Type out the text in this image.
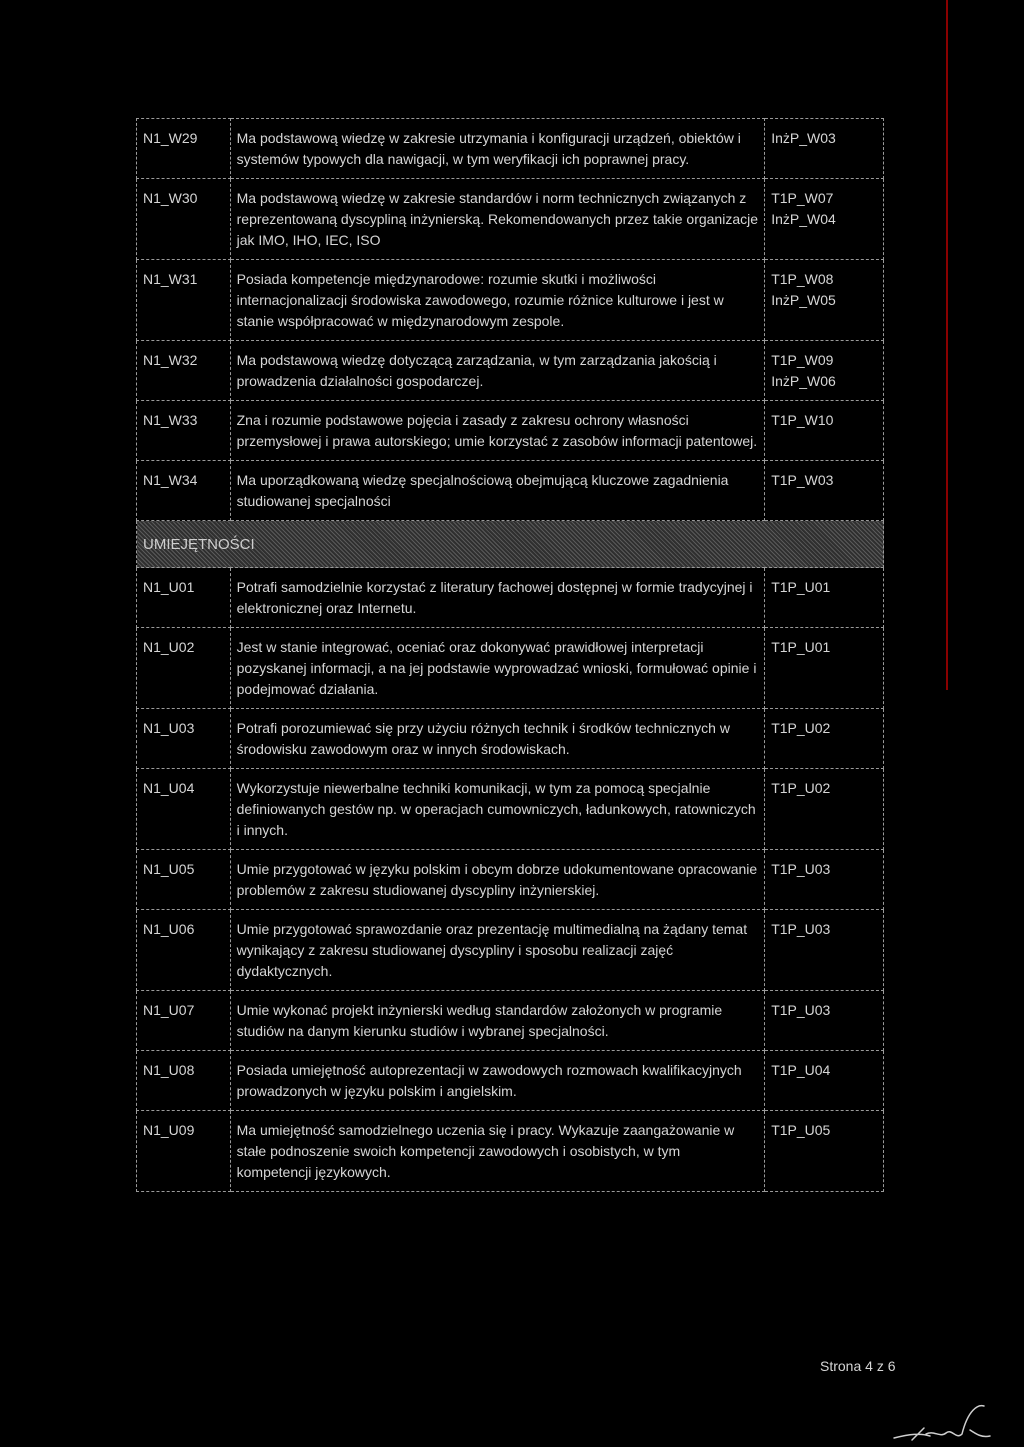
N1_W29	Ma podstawową wiedzę w zakresie utrzymania i konfiguracji urządzeń, obiektów i systemów typowych dla nawigacji, w tym weryfikacji ich poprawnej pracy.	InżP_W03

N1_W30	Ma podstawową wiedzę w zakresie standardów i norm technicznych związanych z reprezentowaną dyscypliną inżynierską. Rekomendowanych przez takie organizacje jak IMO, IHO, IEC, ISO	T1P_W07
InżP_W04

N1_W31	Posiada kompetencje międzynarodowe: rozumie skutki i możliwości internacjonalizacji środowiska zawodowego, rozumie różnice kulturowe i jest w stanie współpracować w międzynarodowym zespole.	T1P_W08
InżP_W05

N1_W32	Ma podstawową wiedzę dotyczącą zarządzania, w tym zarządzania jakością i prowadzenia działalności gospodarczej.	T1P_W09
InżP_W06

N1_W33	Zna i rozumie podstawowe pojęcia i zasady z zakresu ochrony własności przemysłowej i prawa autorskiego; umie korzystać z zasobów informacji patentowej.	T1P_W10

N1_W34	Ma uporządkowaną wiedzę specjalnościową obejmującą kluczowe zagadnienia studiowanej specjalności	T1P_W03

UMIEJĘTNOŚCI		
N1_U01	Potrafi samodzielnie korzystać z literatury fachowej dostępnej w formie tradycyjnej i elektronicznej oraz Internetu.	T1P_U01

N1_U02	Jest w stanie integrować, oceniać oraz dokonywać prawidłowej interpretacji pozyskanej informacji, a na jej podstawie wyprowadzać wnioski, formułować opinie i podejmować działania.	T1P_U01

N1_U03	Potrafi porozumiewać się przy użyciu różnych technik i środków technicznych w środowisku zawodowym oraz w innych środowiskach.	T1P_U02

N1_U04	Wykorzystuje niewerbalne techniki komunikacji, w tym za pomocą specjalnie definiowanych gestów np. w operacjach cumowniczych, ładunkowych, ratowniczych i innych.	T1P_U02

N1_U05	Umie przygotować w języku polskim i obcym dobrze udokumentowane opracowanie problemów z zakresu studiowanej dyscypliny inżynierskiej.	T1P_U03

N1_U06	Umie przygotować sprawozdanie oraz prezentację multimedialną na żądany temat wynikający z zakresu studiowanej dyscypliny i sposobu realizacji zajęć dydaktycznych.	T1P_U03

N1_U07	Umie wykonać projekt inżynierski według standardów założonych w programie studiów na danym kierunku studiów i wybranej specjalności.	T1P_U03

N1_U08	Posiada umiejętność autoprezentacji w zawodowych rozmowach kwalifikacyjnych prowadzonych w języku polskim i angielskim.	T1P_U04

N1_U09	Ma umiejętność samodzielnego uczenia się i pracy. Wykazuje zaangażowanie w stałe podnoszenie swoich kompetencji zawodowych i osobistych, w tym kompetencji językowych.	T1P_U05
Strona 4 z 6
